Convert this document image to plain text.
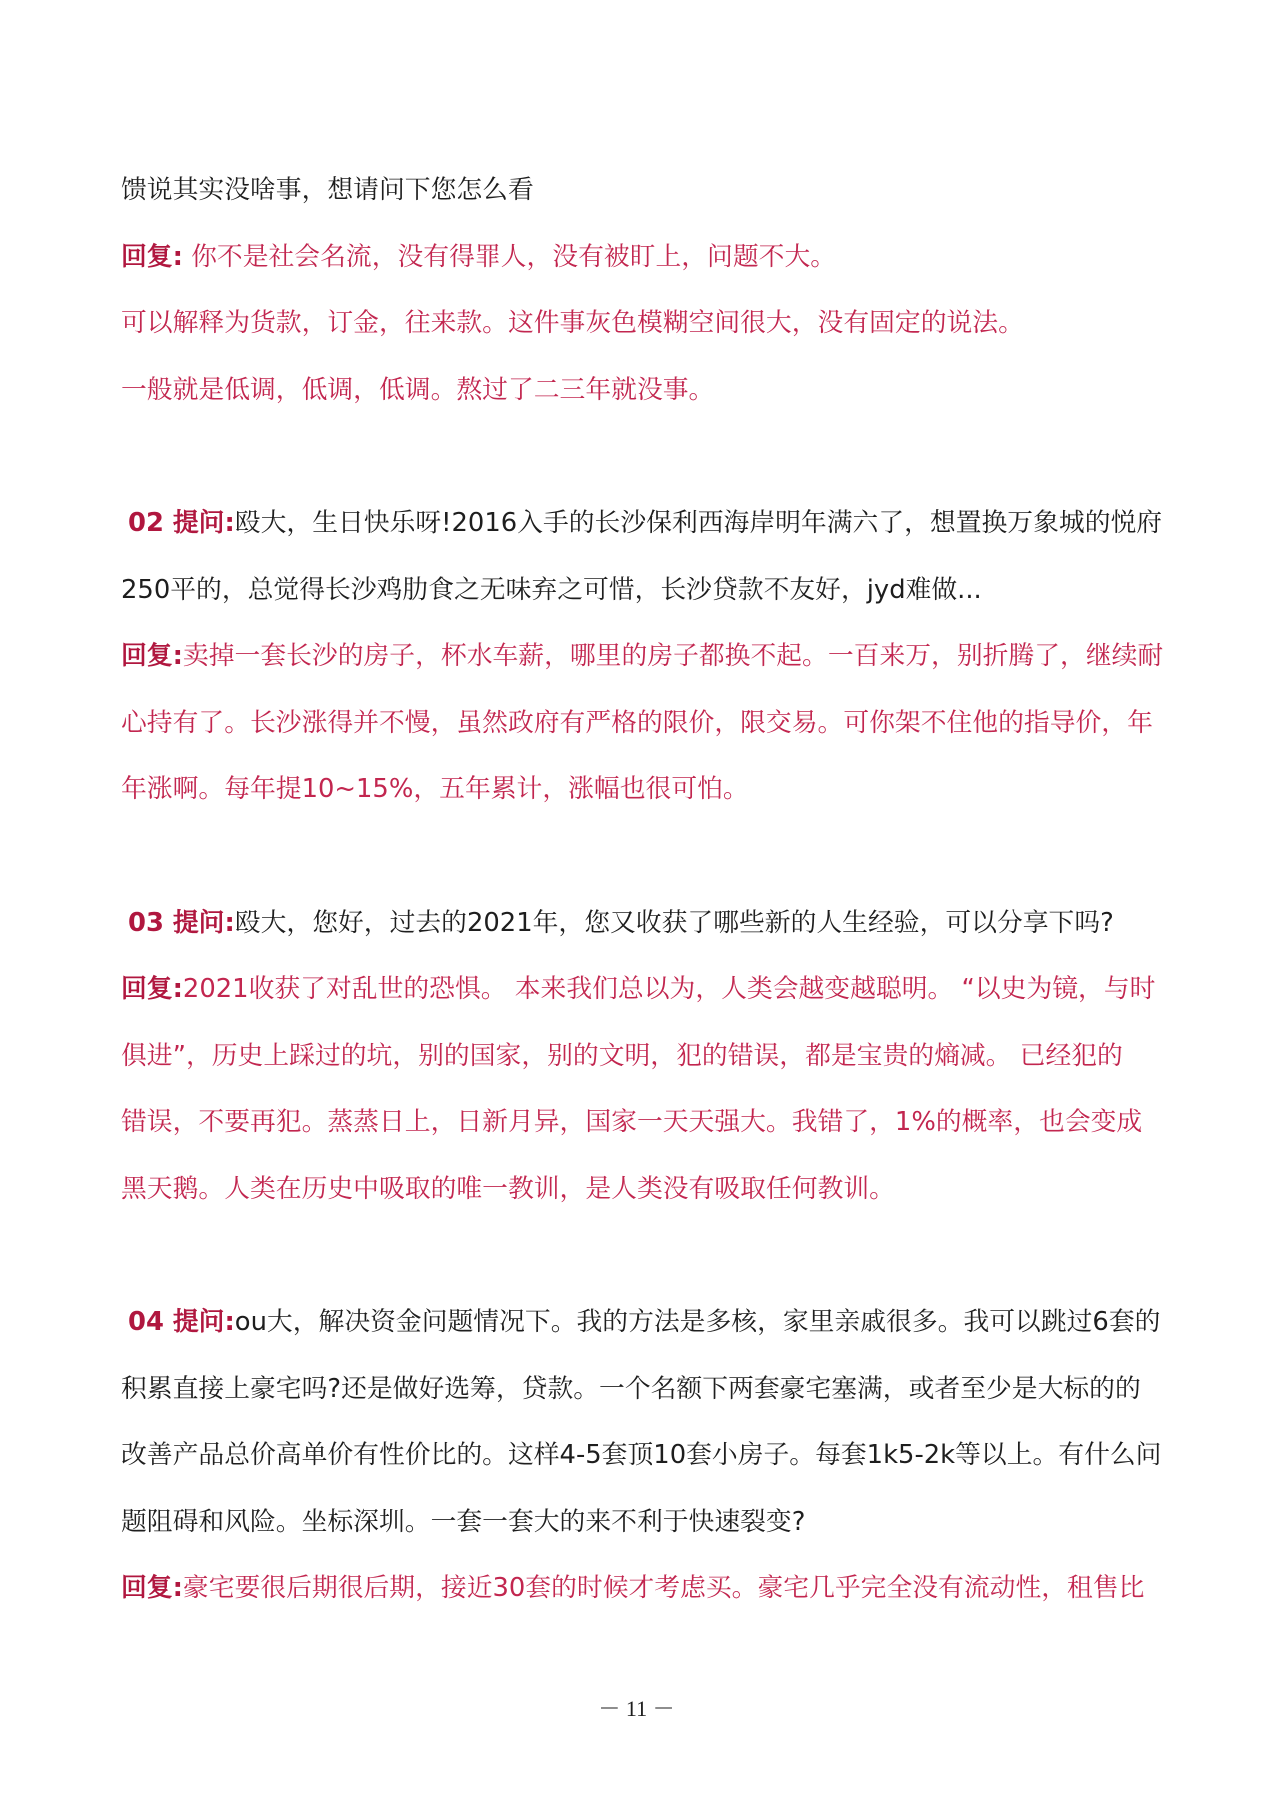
馈说其实没啥事，想请问下您怎么看
回复: 你不是社会名流，没有得罪人，没有被盯上，问题不大。
可以解释为货款，订金，往来款。这件事灰色模糊空间很大，没有固定的说法。
一般就是低调，低调，低调。熬过了二三年就没事。
02 提问:殴大，生日快乐呀!2016入手的长沙保利西海岸明年满六了，想置换万象城的悦府
250平的，总觉得长沙鸡肋食之无味弃之可惜，长沙贷款不友好，jyd难做...
回复:卖掉一套长沙的房子，杯水车薪，哪里的房子都换不起。一百来万，别折腾了，继续耐
心持有了。长沙涨得并不慢，虽然政府有严格的限价，限交易。可你架不住他的指导价，年
年涨啊。每年提10~15%，五年累计，涨幅也很可怕。
03 提问:殴大，您好，过去的2021年，您又收获了哪些新的人生经验，可以分享下吗?
回复:2021收获了对乱世的恐惧。 本来我们总以为，人类会越变越聪明。 “以史为镜，与时
俱进”，历史上踩过的坑，别的国家，别的文明，犯的错误，都是宝贵的熵减。 已经犯的
错误，不要再犯。蒸蒸日上，日新月异，国家一天天强大。我错了，1%的概率，也会变成
黑天鹅。人类在历史中吸取的唯一教训，是人类没有吸取任何教训。
04 提问:ou大，解决资金问题情况下。我的方法是多核，家里亲戚很多。我可以跳过6套的
积累直接上豪宅吗?还是做好选筹，贷款。一个名额下两套豪宅塞满，或者至少是大标的的
改善产品总价高单价有性价比的。这样4-5套顶10套小房子。每套1k5-2k等以上。有什么问
题阻碍和风险。坐标深圳。一套一套大的来不利于快速裂变?
回复:豪宅要很后期很后期，接近30套的时候才考虑买。豪宅几乎完全没有流动性，租售比
－ 11 －
